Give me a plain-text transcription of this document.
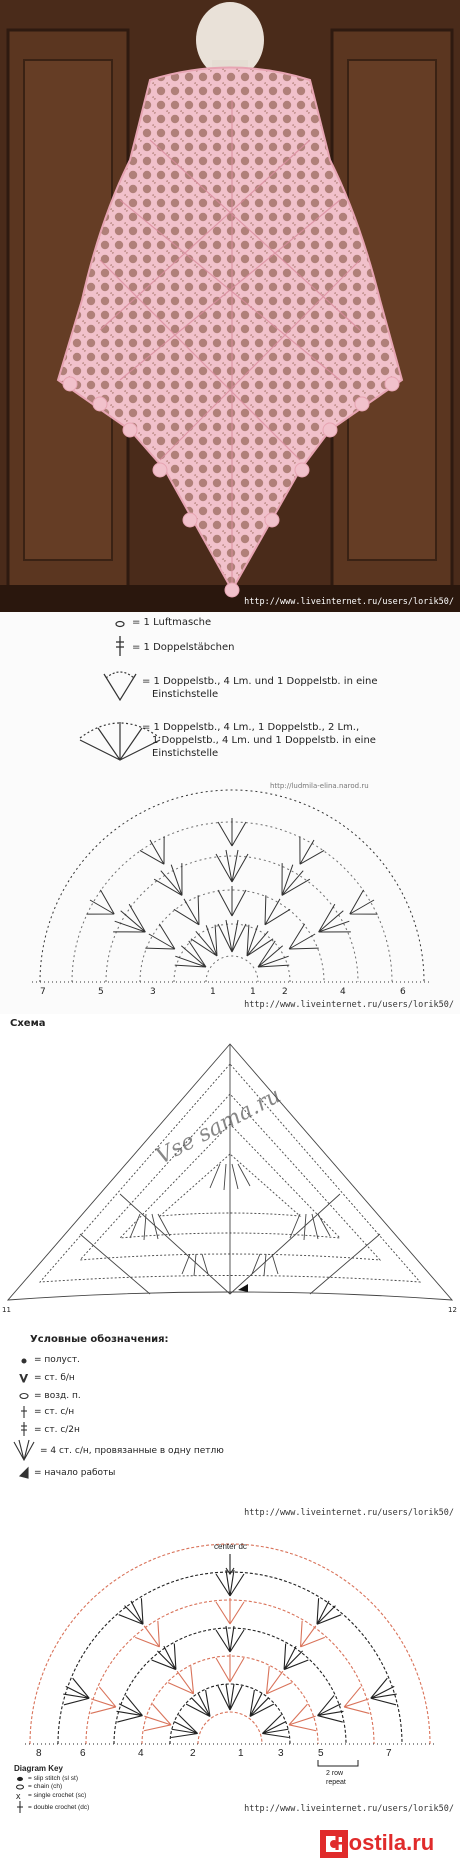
http://www.liveinternet.ru/users/lorik50/
= 1 Luftmasche
= 1 Doppelstäbchen
= 1 Doppelstb., 4 Lm. und 1 Doppelstb. in eine
Einstichstelle
= 1 Doppelstb., 4 Lm., 1 Doppelstb., 2 Lm.,
1 Doppelstb., 4 Lm. und 1 Doppelstb. in eine
Einstichstelle
http://ludmila-elina.narod.ru
7	5	3	1	1	2	4	6
http://www.liveinternet.ru/users/lorik50/
Схема
V
Vse sama.ru
11	12
Условные обозначения:
= полуст.
= ст. б/н
= возд. п.
= ст. с/н
= ст. с/2н
= 4 ст. с/н, провязанные в одну петлю
= начало работы
http://www.liveinternet.ru/users/lorik50/
x
center dc
8	6	4	2	1	3	5	7
2 row
repeat
Diagram Key
= slip stitch (sl st)
= chain (ch)
= single crochet (sc)
= double crochet (dc)	http://www.liveinternet.ru/users/lorik50/
Postila.ru
